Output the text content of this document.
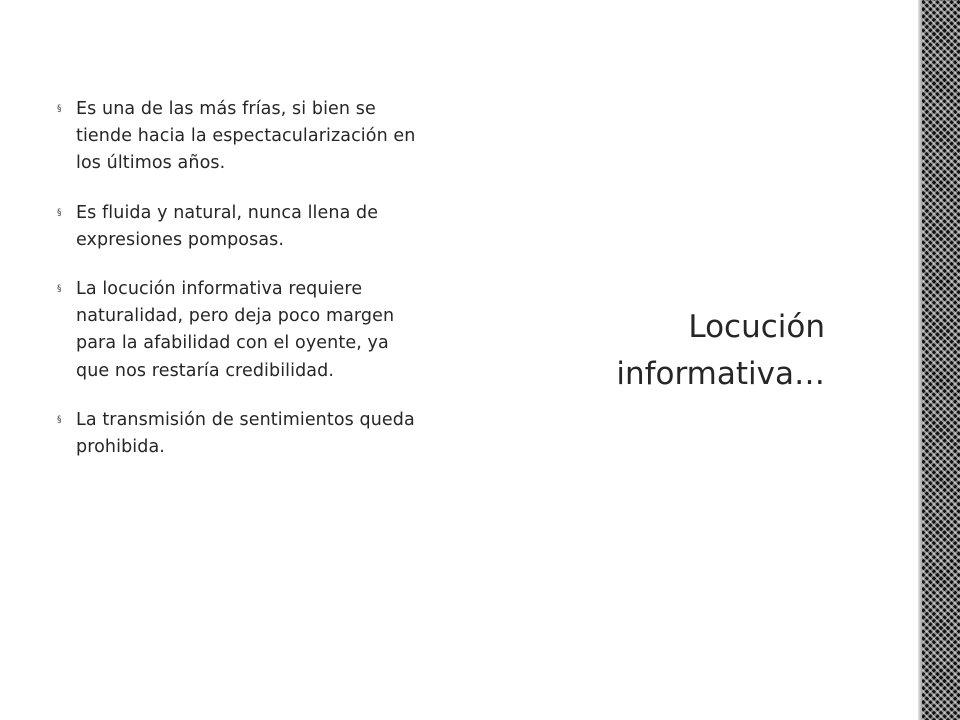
§ Es una de las más frías, si bien se tiende hacia la espectacularización en los últimos años.
§ Es fluida y natural, nunca llena de expresiones pomposas.
§ La locución informativa requiere naturalidad, pero deja poco margen para la afabilidad con el oyente, ya que nos restaría credibilidad.
§ La transmisión de sentimientos queda prohibida.
Locución
informativa…
